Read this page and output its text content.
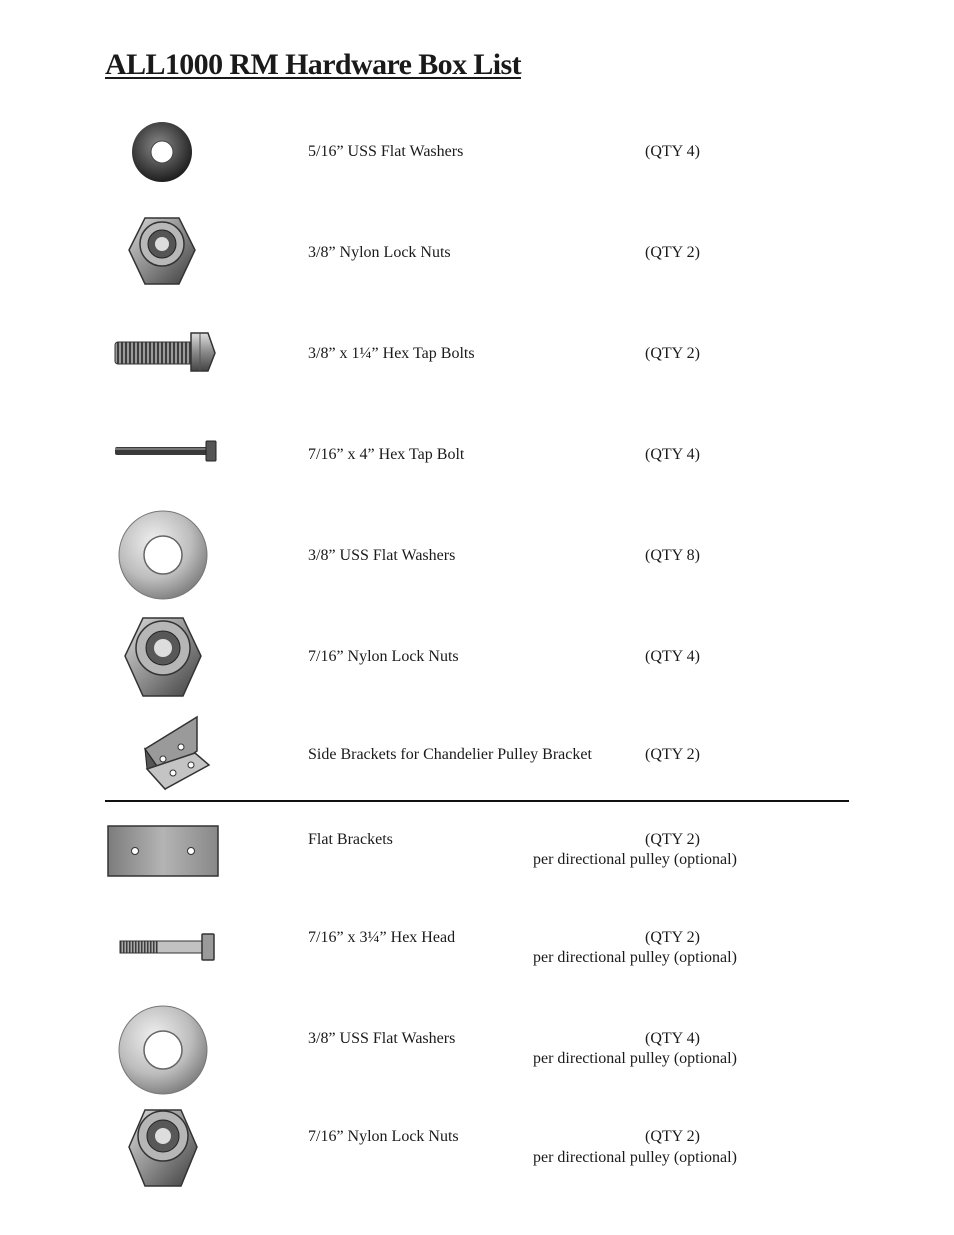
ALL1000 RM Hardware Box List
5/16” USS Flat Washers	(QTY 4)
3/8” Nylon Lock Nuts	(QTY 2)
3/8” x 1¼” Hex Tap Bolts	(QTY 2)
7/16” x 4” Hex Tap Bolt	(QTY 4)
3/8” USS Flat Washers	(QTY 8)
7/16” Nylon Lock Nuts	(QTY 4)
Side Brackets for Chandelier Pulley Bracket	(QTY 2)
Flat Brackets	(QTY 2)
per directional pulley (optional)
7/16” x 3¼” Hex Head	(QTY 2)
per directional pulley (optional)
3/8” USS Flat Washers	(QTY 4)
per directional pulley (optional)
7/16” Nylon Lock Nuts	(QTY 2)
per directional pulley (optional)
